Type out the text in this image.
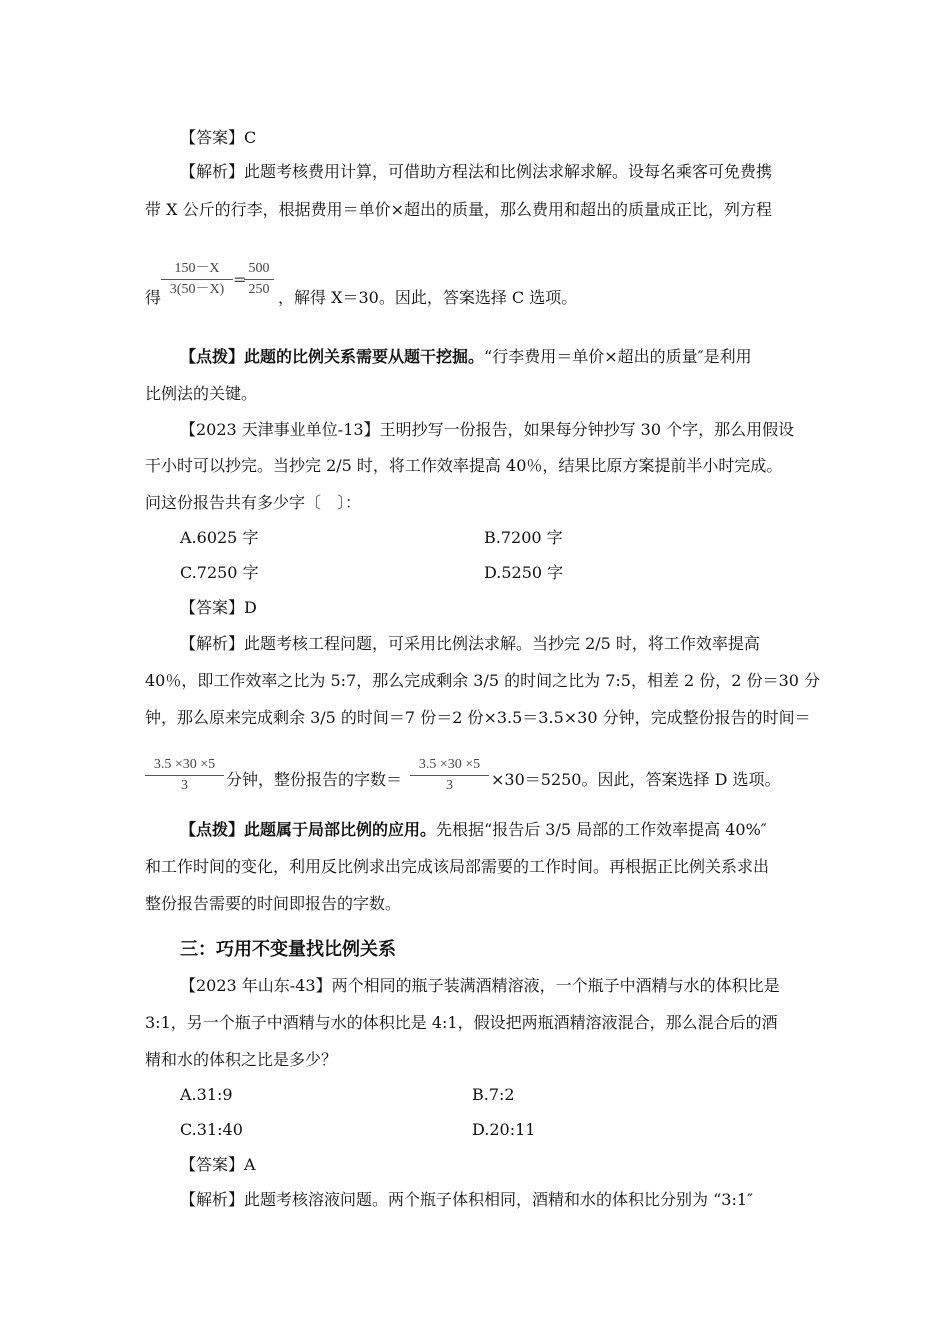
【答案】C
【解析】此题考核费用计算，可借助方程法和比例法求解求解。设每名乘客可免费携
带 X 公斤的行李，根据费用＝单价×超出的质量，那么费用和超出的质量成正比，列方程
得 $\frac{150-X}{3(50-X)}$ =
$\frac{500}{250}$ ，解得 X＝30。因此，答案选择 C 选项。
【点拨】此题的比例关系需要从题干挖掘。“行李费用＝单价×超出的质量″是利用
比例法的关键。
【2023 天津事业单位-13】王明抄写一份报告，如果每分钟抄写 30 个字，那么用假设
干小时可以抄完。当抄完 2/5 时，将工作效率提高 40％，结果比原方案提前半小时完成。
问这份报告共有多少字〔　〕：
A.6025 字	B.7200 字
C.7250 字	D.5250 字
【答案】D
【解析】此题考核工程问题，可采用比例法求解。当抄完 2/5 时，将工作效率提高
40％，即工作效率之比为 5:7，那么完成剩余 3/5 的时间之比为 7:5，相差 2 份，2 份＝30 分
钟，那么原来完成剩余 3/5 的时间＝7 份＝2 份×3.5＝3.5×30 分钟，完成整份报告的时间＝
$\frac{3.5 \times 30 \times 5}{3}$ 分钟，整份报告的字数＝ $\frac{3.5 \times 30 \times 5}{3} \times 30=5250$。因此，答案选择 D 选项。
【点拨】此题属于局部比例的应用。先根据“报告后 3/5 局部的工作效率提高 40%″
和工作时间的变化，利用反比例求出完成该局部需要的工作时间。再根据正比例关系求出
整份报告需要的时间即报告的字数。
三：巧用不变量找比例关系
【2023 年山东-43】两个相同的瓶子装满酒精溶液，一个瓶子中酒精与水的体积比是
3:1，另一个瓶子中酒精与水的体积比是 4:1，假设把两瓶酒精溶液混合，那么混合后的酒
精和水的体积之比是多少？
A.31:9	B.7:2
C.31:40	D.20:11
【答案】A
【解析】此题考核溶液问题。两个瓶子体积相同，酒精和水的体积比分别为 “3:1″
